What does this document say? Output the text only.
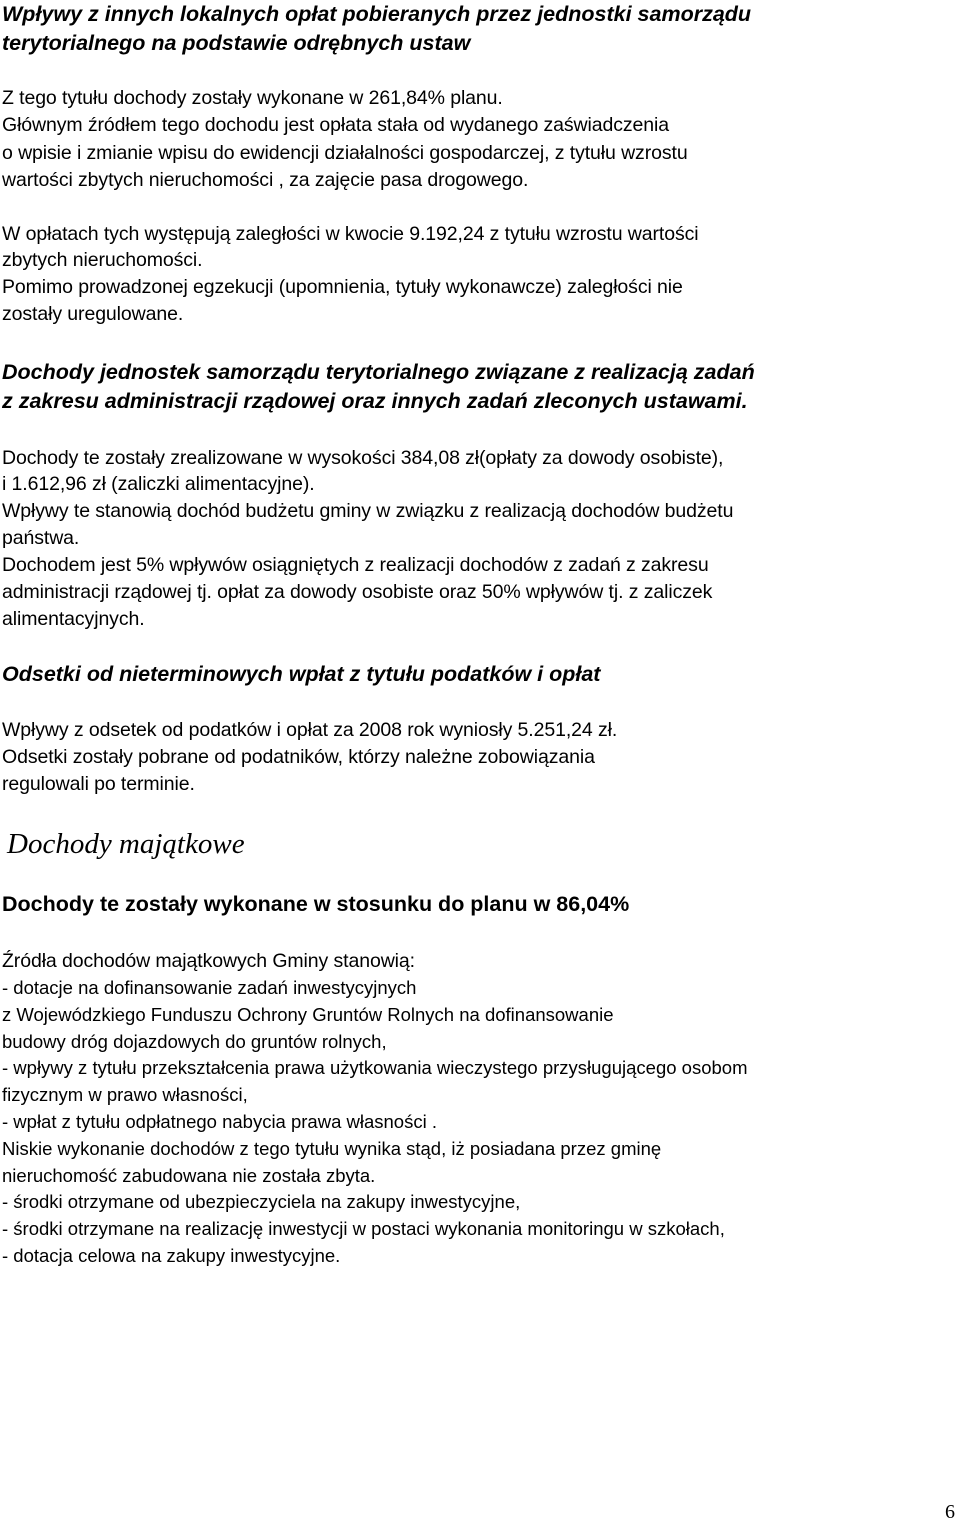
Wpływy z innych lokalnych opłat pobieranych przez jednostki samorządu

terytorialnego na podstawie odrębnych ustaw

Z tego tytułu dochody zostały wykonane w 261,84% planu.

Głównym źródłem tego dochodu jest opłata stała od wydanego zaświadczenia

o wpisie i zmianie wpisu do ewidencji działalności gospodarczej, z tytułu wzrostu

wartości zbytych nieruchomości , za zajęcie pasa drogowego.

W opłatach tych występują zaległości w kwocie 9.192,24 z tytułu wzrostu wartości

zbytych nieruchomości.

Pomimo prowadzonej egzekucji (upomnienia, tytuły wykonawcze) zaległości nie

zostały uregulowane.

Dochody jednostek samorządu terytorialnego związane z realizacją zadań

z zakresu administracji rządowej oraz innych zadań zleconych ustawami.

Dochody te zostały zrealizowane w wysokości 384,08 zł(opłaty za dowody osobiste),

i 1.612,96 zł (zaliczki alimentacyjne).

Wpływy te stanowią dochód budżetu gminy w związku z realizacją dochodów budżetu

państwa.

Dochodem jest 5% wpływów osiągniętych z realizacji dochodów z zadań z zakresu

administracji rządowej tj. opłat za dowody osobiste oraz 50% wpływów tj. z zaliczek

alimentacyjnych.

Odsetki od nieterminowych wpłat z tytułu podatków i opłat

Wpływy z odsetek od podatków i opłat za 2008 rok wyniosły 5.251,24 zł.

Odsetki zostały pobrane od podatników, którzy należne zobowiązania

regulowali po terminie.

Dochody majątkowe

Dochody te zostały wykonane w stosunku do planu w 86,04%

Źródła dochodów majątkowych Gminy stanowią:

- dotacje na dofinansowanie zadań inwestycyjnych

z Wojewódzkiego Funduszu Ochrony Gruntów Rolnych na dofinansowanie

budowy dróg dojazdowych do gruntów rolnych,

- wpływy z tytułu przekształcenia prawa użytkowania wieczystego przysługującego osobom

fizycznym w prawo własności,

- wpłat z tytułu odpłatnego nabycia prawa własności .

Niskie wykonanie dochodów z tego tytułu wynika stąd, iż posiadana przez gminę

nieruchomość zabudowana nie została zbyta.

- środki otrzymane od ubezpieczyciela na zakupy inwestycyjne,

- środki otrzymane na realizację inwestycji w postaci wykonania monitoringu w szkołach,

- dotacja celowa na zakupy inwestycyjne.

6
